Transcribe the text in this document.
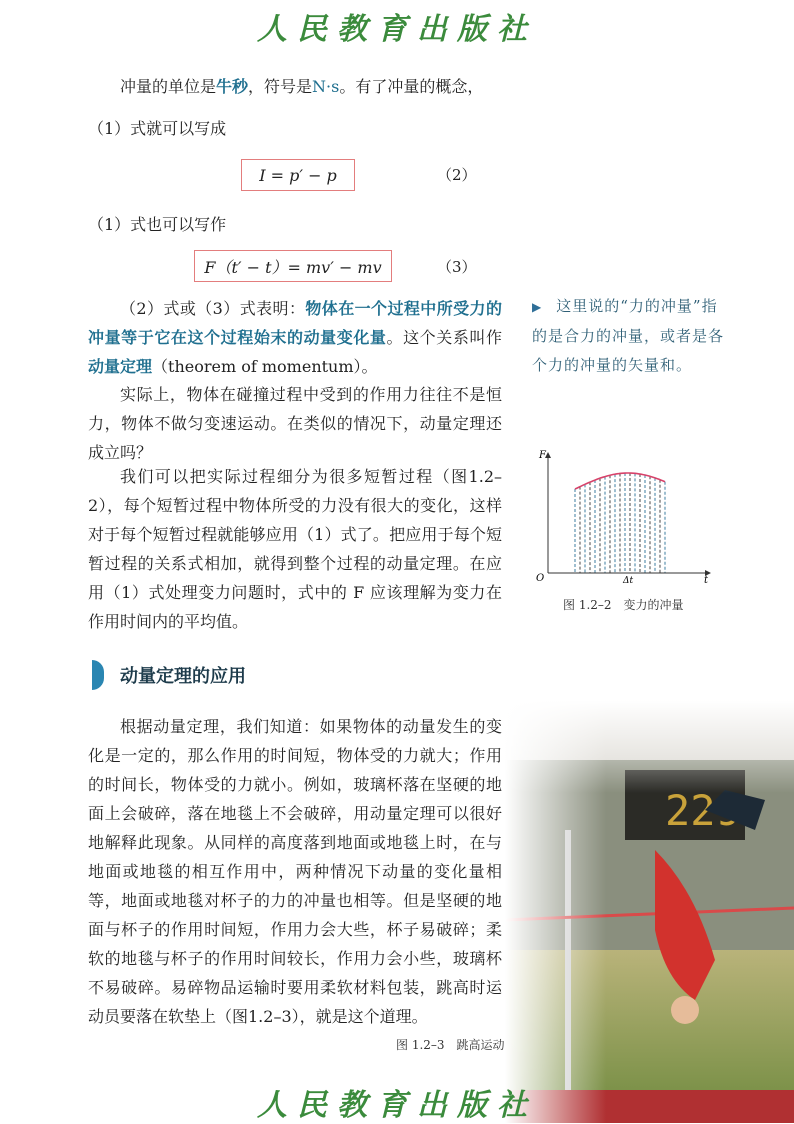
人民教育出版社

冲量的单位是牛秒，符号是N·s。有了冲量的概念，

（1）式就可以写成

I = p′ − p	（2）

（1）式也可以写作

F（t′ − t）= mv′ − mv	（3）

（2）式或（3）式表明：物体在一个过程中所受力的冲量等于它在这个过程始末的动量变化量。这个关系叫作动量定理（theorem of momentum）。

实际上，物体在碰撞过程中受到的作用力往往不是恒力，物体不做匀变速运动。在类似的情况下，动量定理还成立吗？

我们可以把实际过程细分为很多短暂过程（图1.2–2），每个短暂过程中物体所受的力没有很大的变化，这样对于每个短暂过程就能够应用（1）式了。把应用于每个短暂过程的关系式相加，就得到整个过程的动量定理。在应用（1）式处理变力问题时，式中的 F 应该理解为变力在作用时间内的平均值。

▶ 这里说的“力的冲量”指的是合力的冲量，或者是各个力的冲量的矢量和。
F
t
O	Δt
图 1.2–2　变力的冲量
动量定理的应用

根据动量定理，我们知道：如果物体的动量发生的变化是一定的，那么作用的时间短，物体受的力就大；作用的时间长，物体受的力就小。例如，玻璃杯落在坚硬的地面上会破碎，落在地毯上不会破碎，用动量定理可以很好地解释此现象。从同样的高度落到地面或地毯上时，在与地面或地毯的相互作用中，两种情况下动量的变化量相等，地面或地毯对杯子的力的冲量也相等。但是坚硬的地面与杯子的作用时间短，作用力会大些，杯子易破碎；柔软的地毯与杯子的作用时间较长，作用力会小些，玻璃杯不易破碎。易碎物品运输时要用柔软材料包装，跳高时运动员要落在软垫上（图1.2–3），就是这个道理。

图 1.2–3　跳高运动
人民教育出版社
